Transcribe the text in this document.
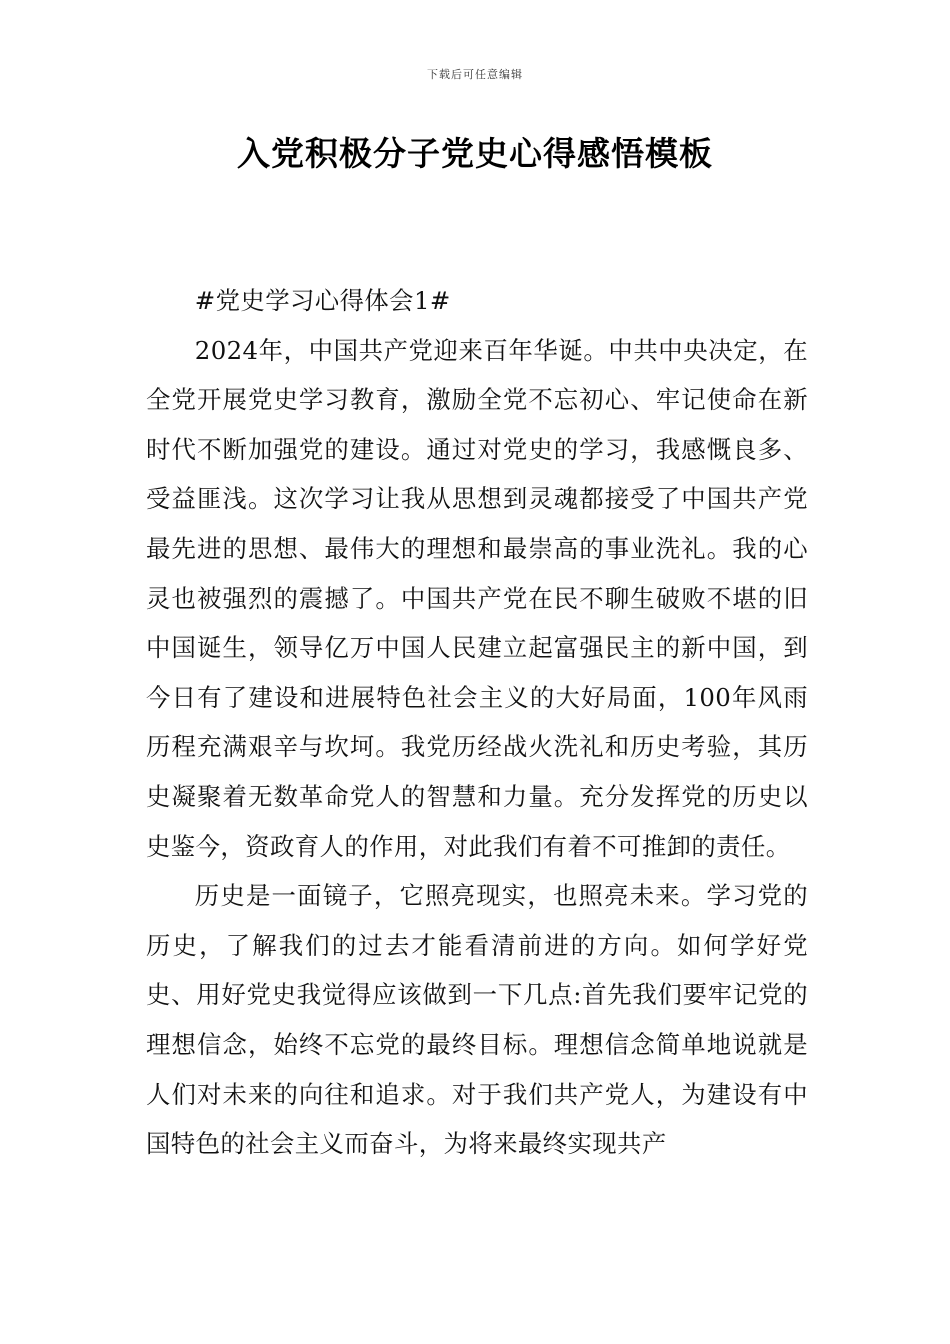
下载后可任意编辑
入党积极分子党史心得感悟模板

#党史学习心得体会1#

2024年，中国共产党迎来百年华诞。中共中央决定，在全党开展党史学习教育，激励全党不忘初心、牢记使命在新时代不断加强党的建设。通过对党史的学习，我感慨良多、受益匪浅。这次学习让我从思想到灵魂都接受了中国共产党最先进的思想、最伟大的理想和最崇高的事业洗礼。我的心灵也被强烈的震撼了。中国共产党在民不聊生破败不堪的旧中国诞生，领导亿万中国人民建立起富强民主的新中国，到今日有了建设和进展特色社会主义的大好局面，100年风雨历程充满艰辛与坎坷。我党历经战火洗礼和历史考验，其历史凝聚着无数革命党人的智慧和力量。充分发挥党的历史以史鉴今，资政育人的作用，对此我们有着不可推卸的责任。

历史是一面镜子，它照亮现实，也照亮未来。学习党的历史，了解我们的过去才能看清前进的方向。如何学好党史、用好党史我觉得应该做到一下几点:首先我们要牢记党的理想信念，始终不忘党的最终目标。理想信念简单地说就是人们对未来的向往和追求。对于我们共产党人，为建设有中国特色的社会主义而奋斗，为将来最终实现共产
